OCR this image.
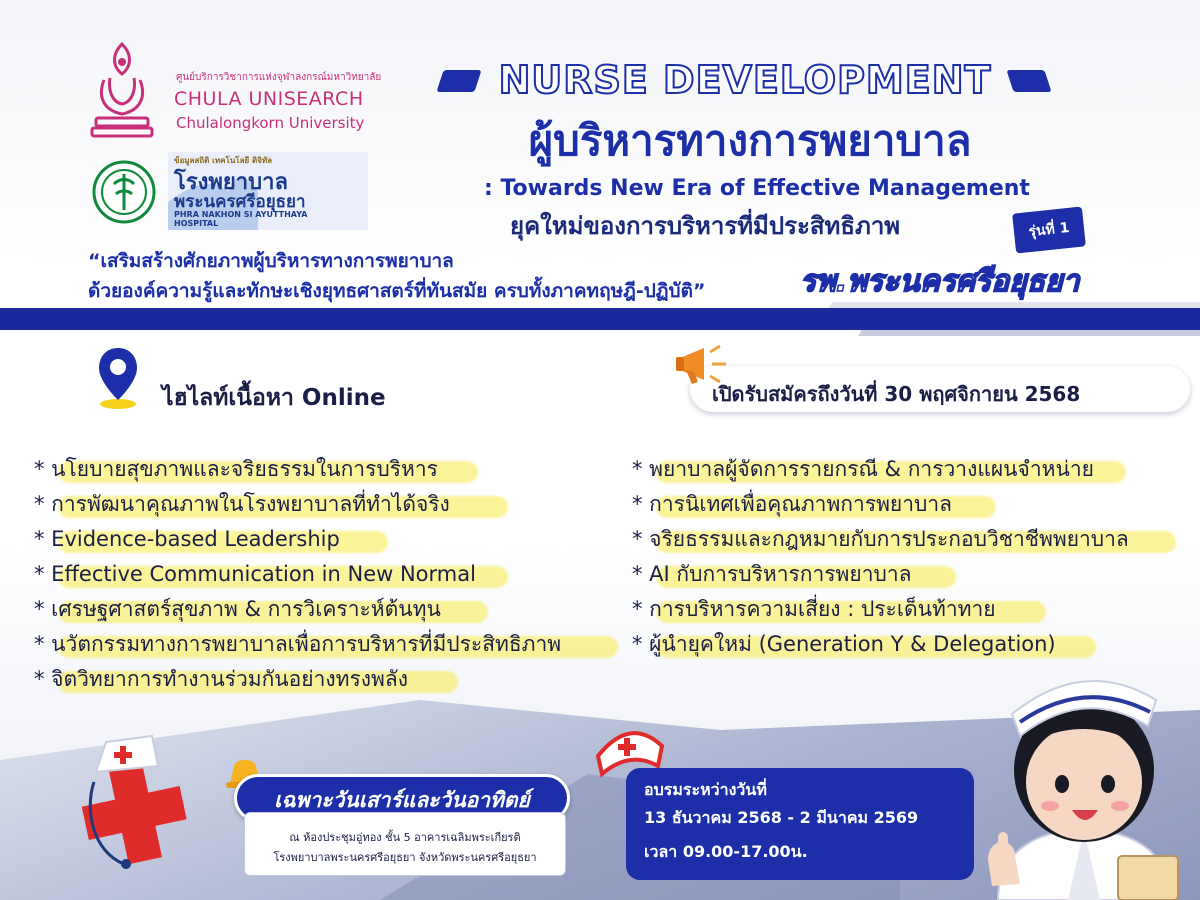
ศูนย์บริการวิชาการแห่งจุฬาลงกรณ์มหาวิทยาลัย
CHULA UNISEARCH
Chulalongkorn University
ข้อมูลสถิติ เทคโนโลยี ดิจิทัล
โรงพยาบาล
พระนครศรีอยุธยา
PHRA NAKHON SI AYUTTHAYA
HOSPITAL
NURSE DEVELOPMENT
ผู้บริหารทางการพยาบาล
: Towards New Era of Effective Management
ยุคใหม่ของการบริหารที่มีประสิทธิภาพ	รุ่นที่ 1
“เสริมสร้างศักยภาพผู้บริหารทางการพยาบาล
ด้วยองค์ความรู้และทักษะเชิงยุทธศาสตร์ที่ทันสมัย ครบทั้งภาคทฤษฎี-ปฏิบัติ”	รพ.พระนครศรีอยุธยา
ไฮไลท์เนื้อหา Online	เปิดรับสมัครถึงวันที่ 30 พฤศจิกายน 2568
* นโยบายสุขภาพและจริยธรรมในการบริหาร
* การพัฒนาคุณภาพในโรงพยาบาลที่ทำได้จริง
* Evidence-based Leadership
* Effective Communication in New Normal
* เศรษฐศาสตร์สุขภาพ & การวิเคราะห์ต้นทุน
* นวัตกรรมทางการพยาบาลเพื่อการบริหารที่มีประสิทธิภาพ
* จิตวิทยาการทำงานร่วมกันอย่างทรงพลัง
* พยาบาลผู้จัดการรายกรณี & การวางแผนจำหน่าย
* การนิเทศเพื่อคุณภาพการพยาบาล
* จริยธรรมและกฎหมายกับการประกอบวิชาชีพพยาบาล
* AI กับการบริหารการพยาบาล
* การบริหารความเสี่ยง : ประเด็นท้าทาย
* ผู้นำยุคใหม่ (Generation Y & Delegation)
เฉพาะวันเสาร์และวันอาทิตย์
ณ ห้องประชุมอู่ทอง ชั้น 5 อาคารเฉลิมพระเกียรติ
โรงพยาบาลพระนครศรีอยุธยา จังหวัดพระนครศรีอยุธยา
อบรมระหว่างวันที่
13 ธันวาคม 2568 - 2 มีนาคม 2569
เวลา 09.00-17.00น.
